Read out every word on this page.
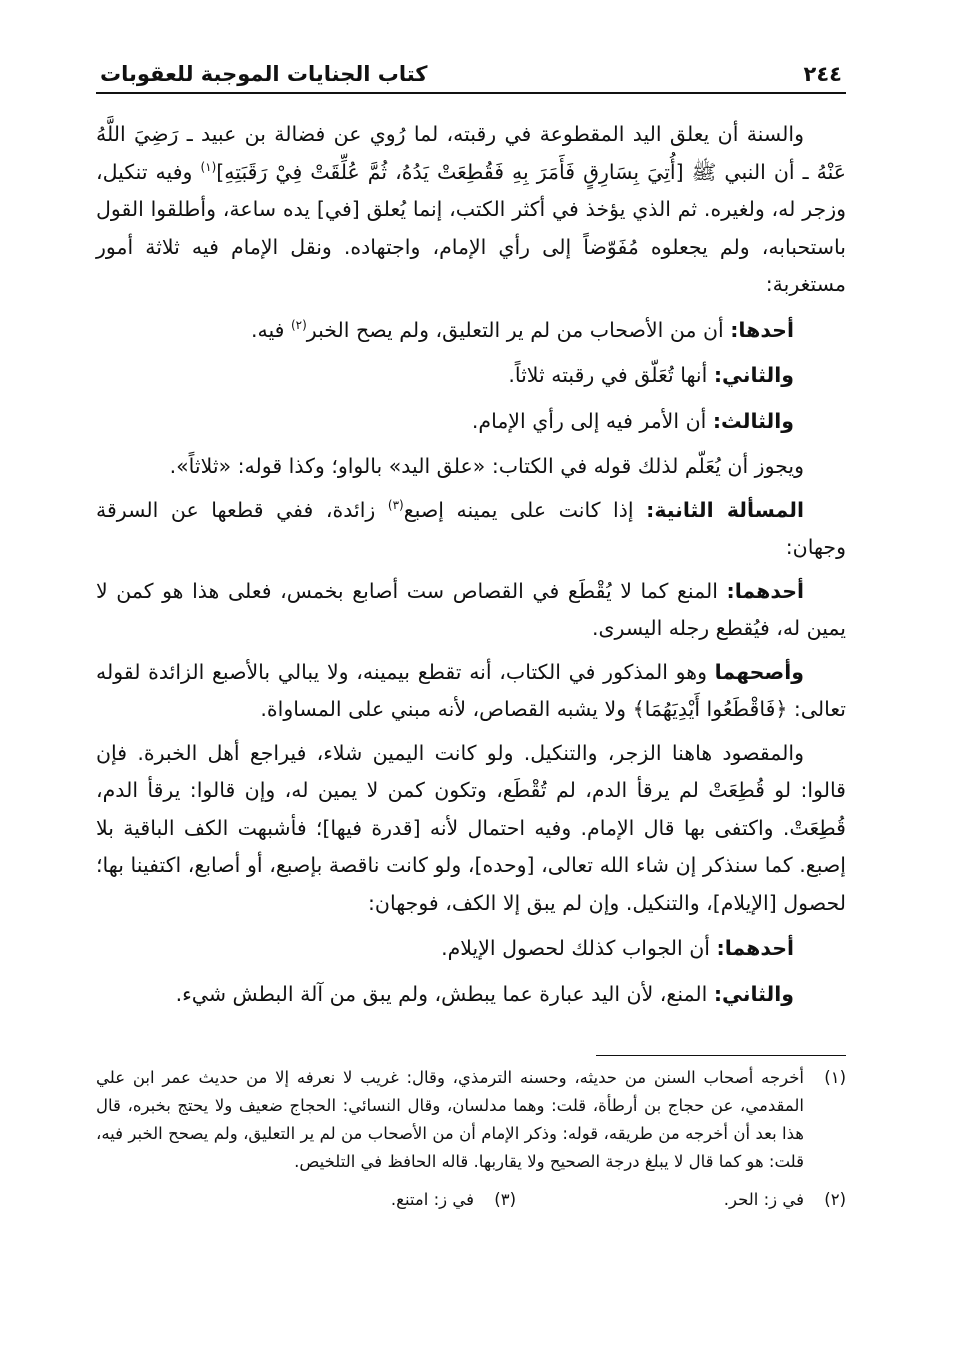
٢٤٤
كتاب الجنايات الموجبة للعقوبات

والسنة أن يعلق اليد المقطوعة في رقبته، لما رُوي عن فضالة بن عبيد ـ رَضِيَ اللَّهُ عَنْهُ ـ أن النبي ﷺ [أُتِيَ بِسَارِقٍ فَأَمَرَ بِهِ فَقُطِعَتْ يَدُهُ، ثُمَّ عُلِّقَتْ فِيْ رَقَبَتِهِ]$^{(١)}$ وفيه تنكيل، وزجر له، ولغيره. ثم الذي يؤخذ في أكثر الكتب، إنما يُعلق [في] يده ساعة، وأطلقوا القول باستحبابه، ولم يجعلوه مُفَوّضاً إلى رأي الإمام، واجتهاده. ونقل الإمام فيه ثلاثة أمور مستغربة:

أحدها: أن من الأصحاب من لم ير التعليق، ولم يصح الخبر$^{(٢)}$ فيه.

والثاني: أنها تُعَلّق في رقبته ثلاثاً.

والثالث: أن الأمر فيه إلى رأي الإمام.

ويجوز أن يُعَلّم لذلك قوله في الكتاب: «علق اليد» بالواو؛ وكذا قوله: «ثلاثاً».

المسألة الثانية: إذا كانت على يمينه إصبع$^{(٣)}$ زائدة، ففي قطعها عن السرقة وجهان:

أحدهما: المنع كما لا يُقْطَع في القصاص ست أصابع بخمس، فعلى هذا هو كمن لا يمين له، فيُقطع رجله اليسرى.

وأصحهما وهو المذكور في الكتاب، أنه تقطع بيمينه، ولا يبالي بالأصبع الزائدة لقوله تعالى: ﴿فَاقْطَعُوا أَيْدِيَهُمَا﴾ ولا يشبه القصاص، لأنه مبني على المساواة.

والمقصود هاهنا الزجر، والتنكيل. ولو كانت اليمين شلاء، فيراجع أهل الخبرة. فإن قالوا: لو قُطِعَتْ لم يرقأ الدم، لم تُقْطَع، وتكون كمن لا يمين له، وإن قالوا: يرقأ الدم، قُطِعَتْ. واكتفى بها قال الإمام. وفيه احتمال لأنه [قدرة فيها]؛ فأشبهت الكف الباقية بلا إصبع. كما سنذكر إن شاء الله تعالى، [وحده]، ولو كانت ناقصة بإصبع، أو أصابع، اكتفينا بها؛ لحصول [الإيلام]، والتنكيل. وإن لم يبق إلا الكف، فوجهان:

أحدهما: أن الجواب كذلك لحصول الإيلام.

والثاني: المنع، لأن اليد عبارة عما يبطش، ولم يبق من آلة البطش شيء.

(١)
أخرجه أصحاب السنن من حديثه، وحسنه الترمذي، وقال: غريب لا نعرفه إلا من حديث عمر ابن علي المقدمي، عن حجاج بن أرطأة، قلت: وهما مدلسان، وقال النسائي: الحجاج ضعيف ولا يحتج بخبره، قال هذا بعد أن أخرجه من طريقه، قوله: وذكر الإمام أن من الأصحاب من لم ير التعليق، ولم يصحح الخبر فيه، قلت: هو كما قال لا يبلغ درجة الصحيح ولا يقاربها. قاله الحافظ في التلخيص.
(٢)
في ز: الحر.
(٣)
في ز: امتنع.
